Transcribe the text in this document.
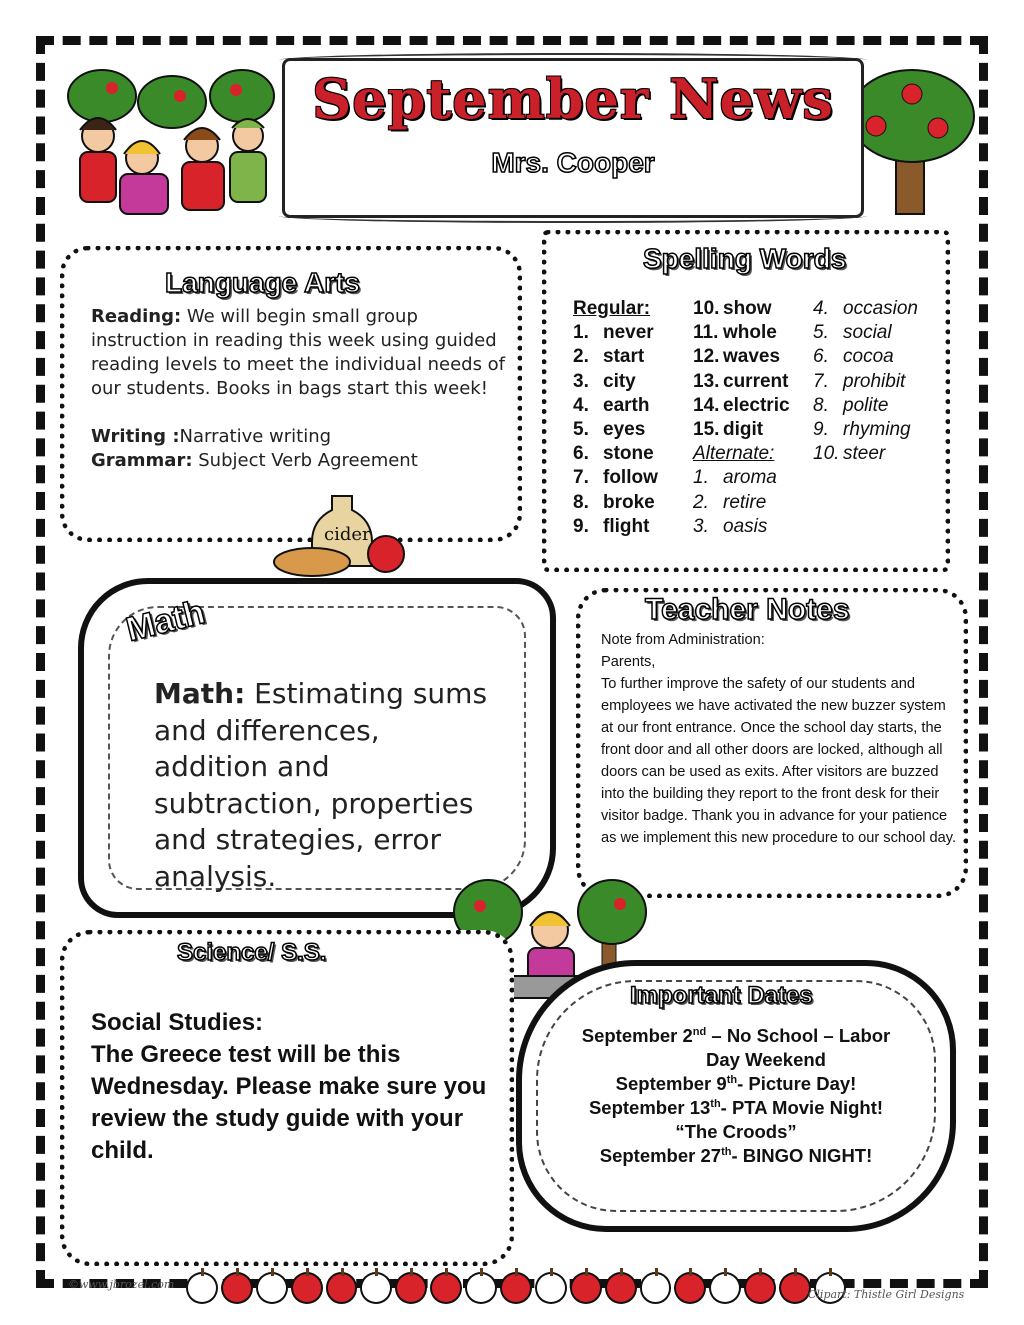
September News
Mrs. Cooper
Language Arts
Reading: We will begin small group instruction in reading this week using guided reading levels to meet the individual needs of our students. Books in bags start this week!
Writing :Narrative writing
Grammar: Subject Verb Agreement
cider
Spelling Words
Regular:
1. never
2. start
3. city
4. earth
5. eyes
6. stone
7. follow
8. broke
9. flight
10. show
11. whole
12. waves
13. current
14. electric
15. digit
Alternate:
1. aroma
2. retire
3. oasis
4. occasion
5. social
6. cocoa
7. prohibit
8. polite
9. rhyming
10. steer
Math
Math: Estimating sums and differences, addition and subtraction, properties and strategies, error analysis.
Teacher Notes
Note from Administration:
Parents,
To further improve the safety of our students and employees we have activated the new buzzer system at our front entrance. Once the school day starts, the front door and all other doors are locked, although all doors can be used as exits. After visitors are buzzed into the building they report to the front desk for their visitor badge. Thank you in advance for your patience as we implement this new procedure to our school day.
Science/ S.S.
Social Studies:
The Greece test will be this Wednesday. Please make sure you review the study guide with your child.
Important Dates
September 2nd – No School – Labor
Day Weekend
September 9th- Picture Day!
September 13th- PTA Movie Night!
“The Croods”
September 27th- BINGO NIGHT!
©www.jbrozel.com
Clipart: Thistle Girl Designs
